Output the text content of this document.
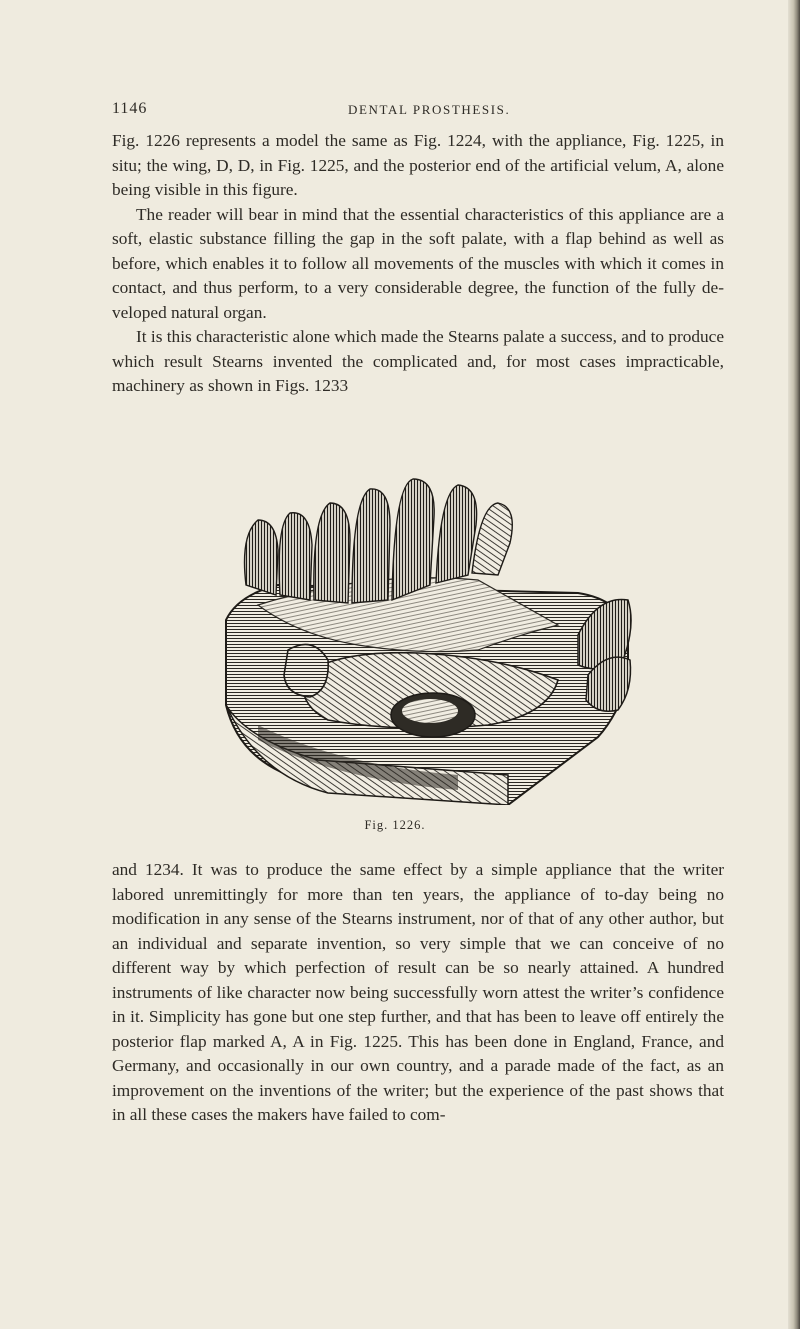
1146	DENTAL PROSTHESIS.

Fig. 1226 represents a model the same as Fig. 1224, with the appliance, Fig. 1225, in situ; the wing, D, D, in Fig. 1225, and the posterior end of the artificial velum, A, alone being visible in this figure.

The reader will bear in mind that the essential characteristics of this appliance are a soft, elastic substance filling the gap in the soft palate, with a flap behind as well as before, which enables it to follow all movements of the muscles with which it comes in contact, and thus perform, to a very considerable degree, the function of the fully developed natural organ.

It is this characteristic alone which made the Stearns palate a success, and to produce which result Stearns invented the complicated and, for most cases impracticable, machinery as shown in Figs. 1233

Fig. 1226.

and 1234. It was to produce the same effect by a simple appliance that the writer labored unremittingly for more than ten years, the appliance of to-day being no modification in any sense of the Stearns instrument, nor of that of any other author, but an individual and separate invention, so very simple that we can conceive of no different way by which perfection of result can be so nearly attained. A hundred instruments of like character now being successfully worn attest the writer’s confidence in it. Simplicity has gone but one step further, and that has been to leave off entirely the posterior flap marked A, A in Fig. 1225. This has been done in England, France, and Germany, and occasionally in our own country, and a parade made of the fact, as an improvement on the inventions of the writer; but the experience of the past shows that in all these cases the makers have failed to com-
